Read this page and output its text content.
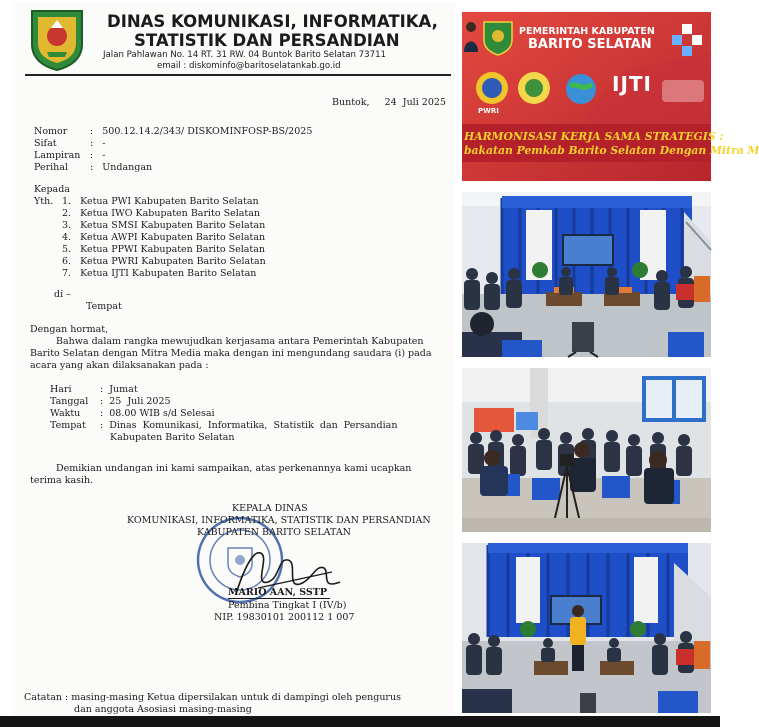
DINAS KOMUNIKASI, INFORMATIKA,
STATISTIK DAN PERSANDIAN
Jalan Pahlawan No. 14 RT. 31 RW. 04 Buntok Barito Selatan 73711
email : diskominfo@baritoselatankab.go.id
Buntok,     24  Juli 2025
Nomor :   500.12.14.2/343/ DISKOMINFOSP-BS/2025
Sifat	:   -
Lampiran :   -
Perihal :   Undangan
Kepada
Yth. 1.   Ketua PWI Kabupaten Barito Selatan
2.   Ketua IWO Kabupaten Barito Selatan
3.   Ketua SMSI Kabupaten Barito Selatan
4.   Ketua AWPI Kabupaten Barito Selatan
5.   Ketua PPWI Kabupaten Barito Selatan
6.   Ketua PWRI Kabupaten Barito Selatan
7.   Ketua IJTI Kabupaten Barito Selatan
di –
Tempat
Dengan hormat,
Bahwa dalam rangka mewujudkan kerjasama antara Pemerintah Kabupaten
Barito Selatan dengan Mitra Media maka dengan ini mengundang saudara (i) pada
acara yang akan dilaksanakan pada :
Hari	:  Jumat
Tanggal :  25  Juli 2025
Waktu :  08.00 WIB s/d Selesai
Tempat :  Dinas  Komunikasi,  Informatika,  Statistik  dan  Persandian
Kabupaten Barito Selatan
Demikian undangan ini kami sampaikan, atas perkenannya kami ucapkan
terima kasih.
KEPALA DINAS
KOMUNIKASI, INFORMATIKA, STATISTIK DAN PERSANDIAN
KABUPATEN BARITO SELATAN
MARIO AAN, SSTP
Pembina Tingkat I (IV/b)
NIP. 19830101 200112 1 007
Catatan : masing-masing Ketua dipersilakan untuk di dampingi oleh pengurus
dan anggota Asosiasi masing-masing
PEMERINTAH KABUPATEN
BARITO SELATAN
PWRI
IJTI
HARMONISASI KERJA SAMA STRATEGIS :
bakatan Pemkab Barito Selatan Dengan Mitra M
